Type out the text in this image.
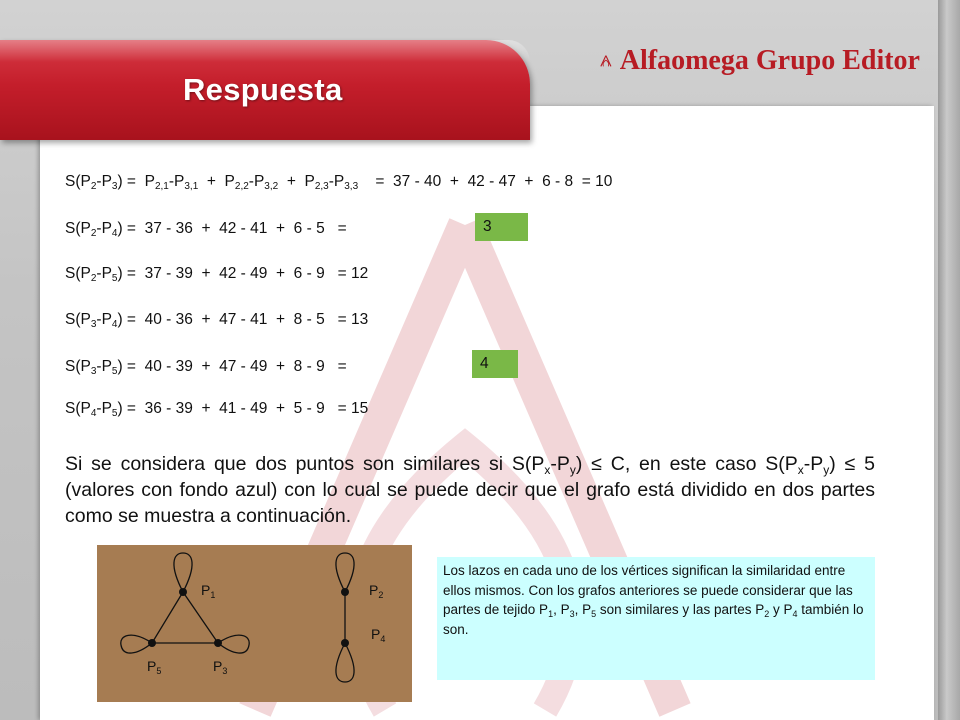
Respuesta
Alfaomega Grupo Editor
$S(P_2-P_3) = P_{2,1}-P_{3,1} + P_{2,2}-P_{3,2} + P_{2,3}-P_{3,3}$    =  37 - 40  +  42 - 47  +  6 - 8  = 10
$S(P_2-P_4) = 37 - 36 + 42 - 41 + 6 - 5$   =	3
$S(P_2-P_5) = 37 - 39 + 42 - 49 + 6 - 9 = 12$
$S(P_3-P_4) = 40 - 36 + 47 - 41 + 8 - 5 = 13$
$S(P_3-P_5) = 40 - 39 + 47 - 49 + 8 - 9$   =	4
$S(P_4-P_5) = 36 - 39 + 41 - 49 + 5 - 9 = 15$
Si se considera que dos puntos son similares si $S(P_x-P_y) \le C$, en este caso $S(P_x-P_y) \le 5$ (valores con fondo azul) con lo cual se puede decir que el grafo está dividido en dos partes como se muestra a continuación.
$P_1$	$P_2$
$P_4$
$P_5$	$P_3$
Los lazos en cada uno de los vértices significan la similaridad entre ellos mismos. Con los grafos anteriores se puede considerar que las partes de tejido $P_1$, $P_3$, $P_5$ son similares y las partes $P_2$ y $P_4$ también lo son.
